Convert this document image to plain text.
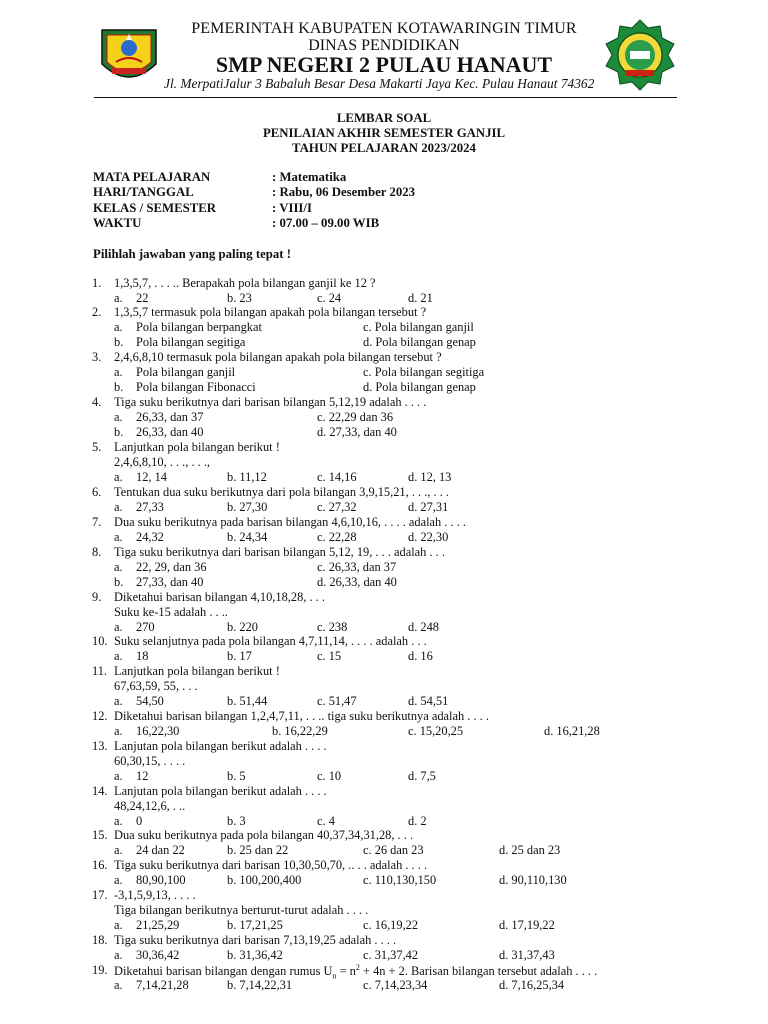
PEMERINTAH KABUPATEN KOTAWARINGIN TIMUR
DINAS PENDIDIKAN
SMP NEGERI 2 PULAU HANAUT
Jl. MerpatiJalur 3 Babaluh Besar Desa Makarti Jaya Kec. Pulau Hanaut 74362
LEMBAR SOAL
PENILAIAN AKHIR SEMESTER GANJIL
TAHUN PELAJARAN 2023/2024
MATA PELAJARAN	: Matematika
HARI/TANGGAL	: Rabu, 06 Desember 2023
KELAS / SEMESTER	: VIII/I
WAKTU	: 07.00 – 09.00 WIB
Pilihlah jawaban yang paling tepat !
1. 1,3,5,7, . . . .. Berapakah pola bilangan ganjil ke 12 ?
a. 22	b. 23	c. 24	d. 21
2. 1,3,5,7 termasuk pola bilangan apakah pola bilangan tersebut ?
a. Pola bilangan berpangkat	c. Pola bilangan ganjil
b. Pola bilangan segitiga	d. Pola bilangan genap
3. 2,4,6,8,10 termasuk pola bilangan apakah pola bilangan tersebut ?
a. Pola bilangan ganjil	c. Pola bilangan segitiga
b. Pola bilangan Fibonacci	d. Pola bilangan genap
4. Tiga suku berikutnya dari barisan bilangan 5,12,19 adalah . . . .
a. 26,33, dan 37	c. 22,29 dan 36
b. 26,33, dan 40	d. 27,33, dan 40
5. Lanjutkan pola bilangan berikut !
2,4,6,8,10, . . ., . . .,
a. 12, 14	b. 11,12	c. 14,16	d. 12, 13
6. Tentukan dua suku berikutnya dari pola bilangan 3,9,15,21, . . ., . . .
a. 27,33	b. 27,30	c. 27,32	d. 27,31
7. Dua suku berikutnya pada barisan bilangan 4,6,10,16, . . . . adalah . . . .
a. 24,32	b. 24,34	c. 22,28	d. 22,30
8. Tiga suku berikutnya dari barisan bilangan 5,12, 19, . . . adalah . . .
a. 22, 29, dan 36	c. 26,33, dan 37
b. 27,33, dan 40	d. 26,33, dan 40
9. Diketahui barisan bilangan 4,10,18,28, . . .
Suku ke-15 adalah . . ..
a. 270	b. 220	c. 238	d. 248
10. Suku selanjutnya pada pola bilangan 4,7,11,14, . . . . adalah . . .
a. 18	b. 17	c. 15	d. 16
11. Lanjutkan pola bilangan berikut !
67,63,59, 55, . . .
a. 54,50	b. 51,44	c. 51,47	d. 54,51
12. Diketahui barisan bilangan 1,2,4,7,11, . . .. tiga suku berikutnya adalah . . . .
a. 16,22,30	b. 16,22,29	c. 15,20,25	d. 16,21,28
13. Lanjutan pola bilangan berikut adalah . . . .
60,30,15, . . . .
a. 12	b. 5	c. 10	d. 7,5
14. Lanjutan pola bilangan berikut adalah . . . .
48,24,12,6, . ..
a. 0	b. 3	c. 4	d. 2
15. Dua suku berikutnya pada pola bilangan 40,37,34,31,28, . . .
a. 24 dan 22	b. 25 dan 22	c. 26 dan 23	d. 25 dan 23
16. Tiga suku berikutnya dari barisan 10,30,50,70, .. . . adalah . . . .
a. 80,90,100	b. 100,200,400	c. 110,130,150	d. 90,110,130
17. -3,1,5,9,13, . . . .
Tiga bilangan berikutnya berturut-turut adalah . . . .
a. 21,25,29	b. 17,21,25	c. 16,19,22	d. 17,19,22
18. Tiga suku berikutnya dari barisan 7,13,19,25 adalah . . . .
a. 30,36,42	b. 31,36,42	c. 31,37,42	d. 31,37,43
19. Diketahui barisan bilangan dengan rumus $U_n = n^2 + 4n + 2$. Barisan bilangan tersebut adalah . . . .
a. 7,14,21,28	b. 7,14,22,31	c. 7,14,23,34	d. 7,16,25,34
